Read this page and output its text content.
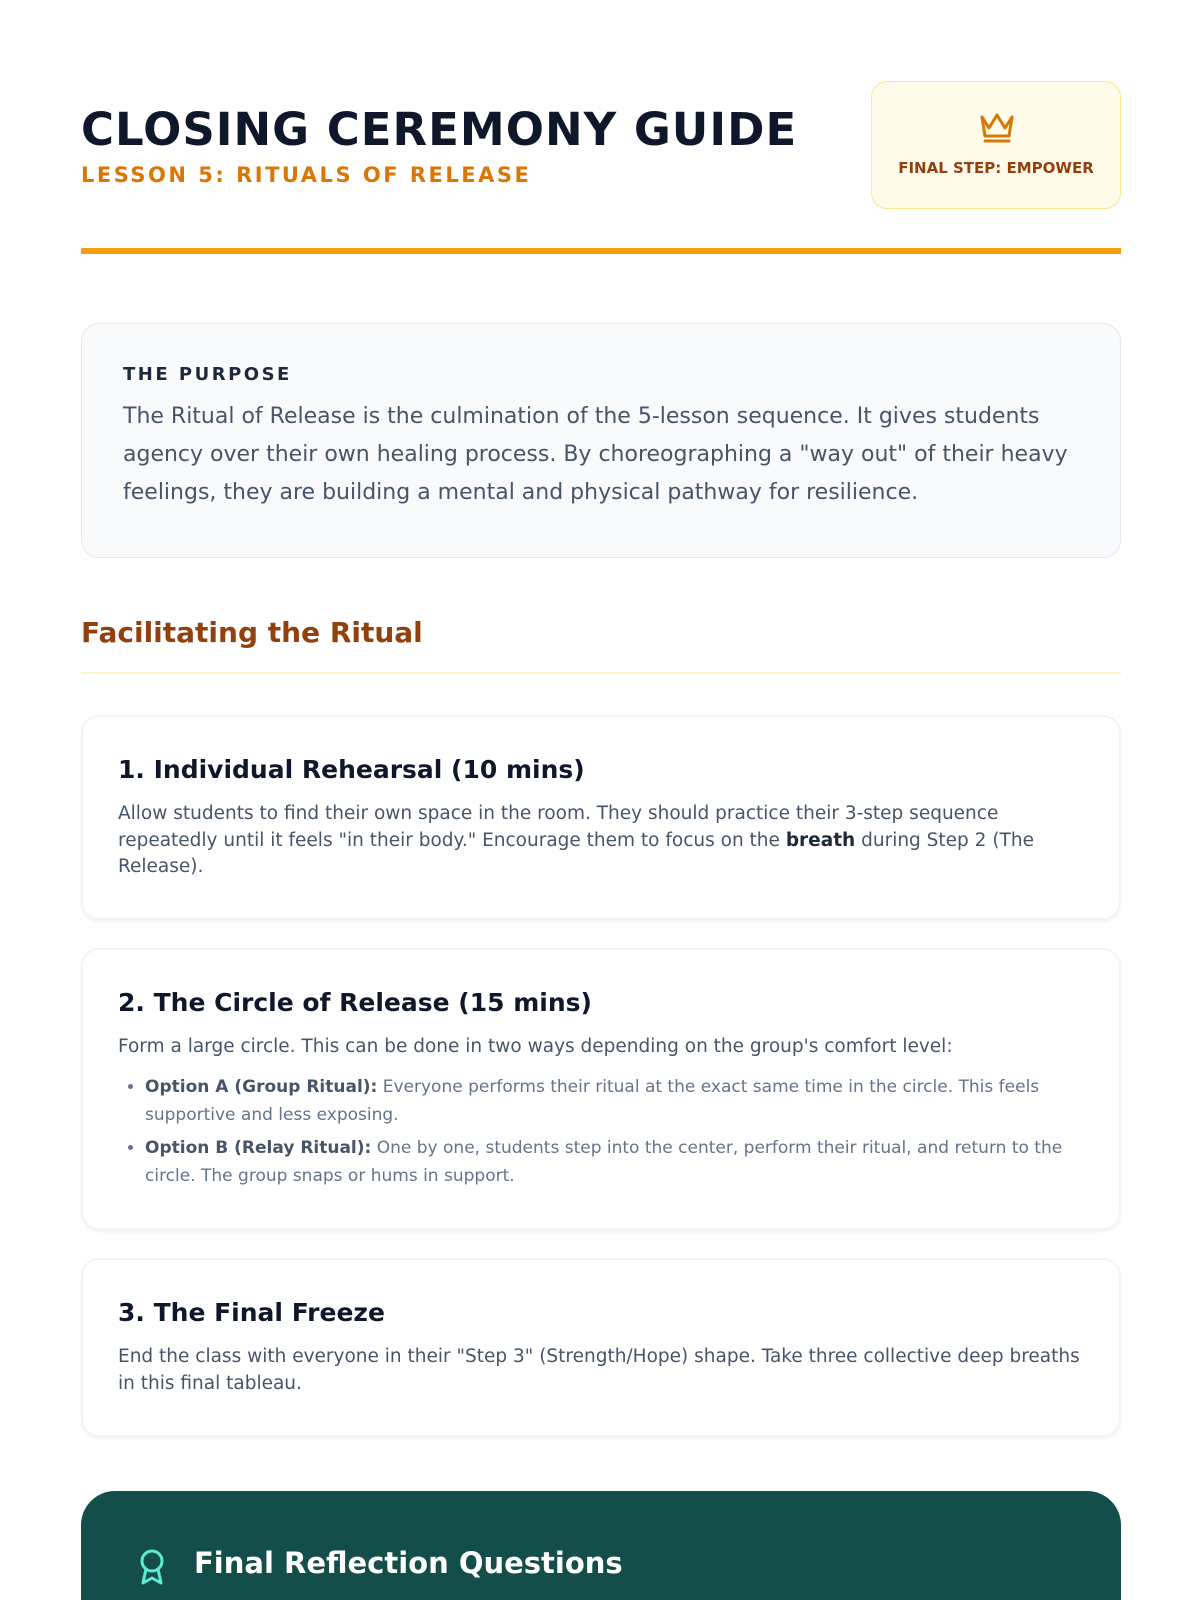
CLOSING CEREMONY GUIDE
LESSON 5: RITUALS OF RELEASE	FINAL STEP: EMPOWER
THE PURPOSE
The Ritual of Release is the culmination of the 5-lesson sequence. It gives students agency over their own healing process. By choreographing a "way out" of their heavy feelings, they are building a mental and physical pathway for resilience.
Facilitating the Ritual
1. Individual Rehearsal (10 mins)
Allow students to find their own space in the room. They should practice their 3-step sequence repeatedly until it feels "in their body." Encourage them to focus on the breath during Step 2 (The Release).
2. The Circle of Release (15 mins)
Form a large circle. This can be done in two ways depending on the group's comfort level:
• Option A (Group Ritual): Everyone performs their ritual at the exact same time in the circle. This feels supportive and less exposing.
• Option B (Relay Ritual): One by one, students step into the center, perform their ritual, and return to the circle. The group snaps or hums in support.
3. The Final Freeze
End the class with everyone in their "Step 3" (Strength/Hope) shape. Take three collective deep breaths in this final tableau.
Final Reflection Questions
